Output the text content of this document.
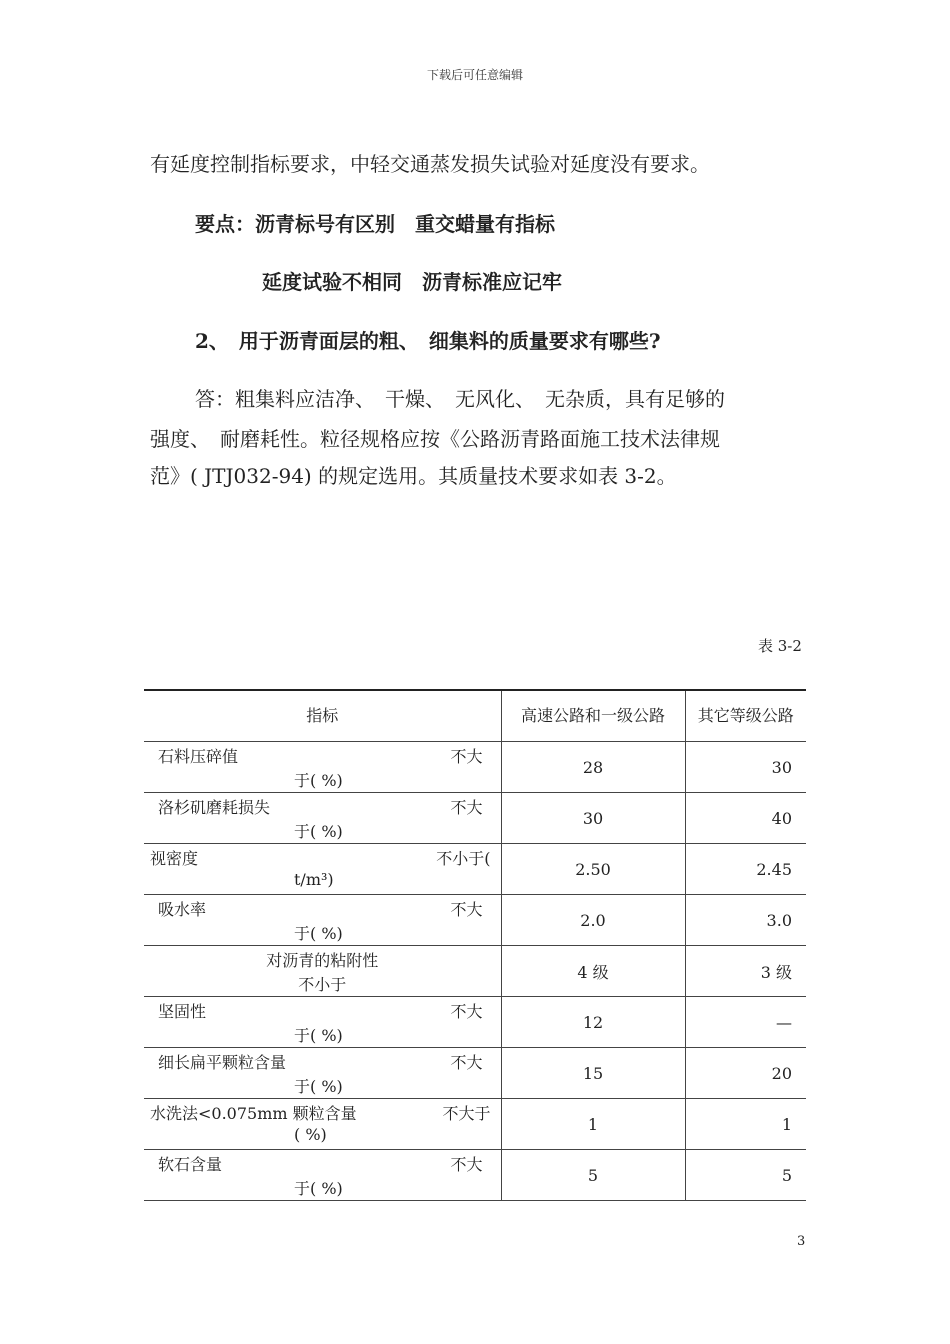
下载后可任意编辑
有延度控制指标要求，中轻交通蒸发损失试验对延度没有要求。
要点：沥青标号有区别　重交蜡量有指标
延度试验不相同　沥青标准应记牢
2、　用于沥青面层的粗、　细集料的质量要求有哪些?
答：粗集料应洁净、　干燥、　无风化、　无杂质，具有足够的
强度、　耐磨耗性。粒径规格应按《公路沥青路面施工技术法律规
范》( JTJ032-94) 的规定选用。其质量技术要求如表 3-2。
表 3-2
指标	高速公路和一级公路	其它等级公路

石料压碎值 不大
于( %)	28	30

洛杉矶磨耗损失 不大
于( %)	30	40

视密度 不小于(
t/m³)	2.50	2.45

吸水率 不大
于( %)	2.0	3.0

对沥青的粘附性
不小于	4 级	3 级

坚固性 不大
于( %)	12	—

细长扁平颗粒含量 不大
于( %)	15	20

水洗法<0.075mm 颗粒含量 不大于
( %)	1	1

软石含量 不大
于( %)	5	5
3
